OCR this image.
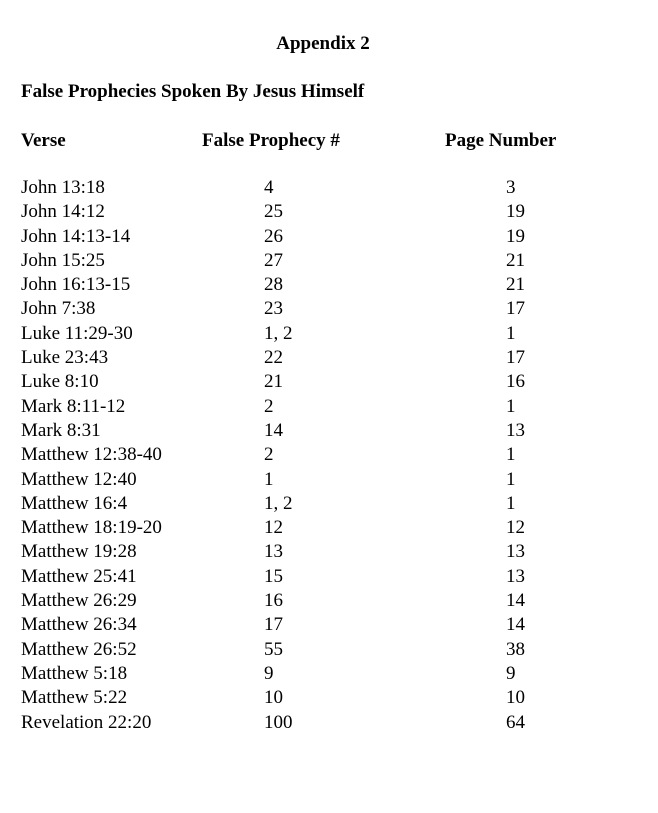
Appendix 2
False Prophecies Spoken By Jesus Himself
Verse	False Prophecy #	Page Number
John 13:18	4	3
John 14:12	25	19
John 14:13-14	26	19
John 15:25	27	21
John 16:13-15	28	21
John 7:38	23	17
Luke 11:29-30	1, 2	1
Luke 23:43	22	17
Luke 8:10	21	16
Mark 8:11-12	2	1
Mark 8:31	14	13
Matthew 12:38-40	2	1
Matthew 12:40	1	1
Matthew 16:4	1, 2	1
Matthew 18:19-20	12	12
Matthew 19:28	13	13
Matthew 25:41	15	13
Matthew 26:29	16	14
Matthew 26:34	17	14
Matthew 26:52	55	38
Matthew 5:18	9	9
Matthew 5:22	10	10
Revelation 22:20	100	64
